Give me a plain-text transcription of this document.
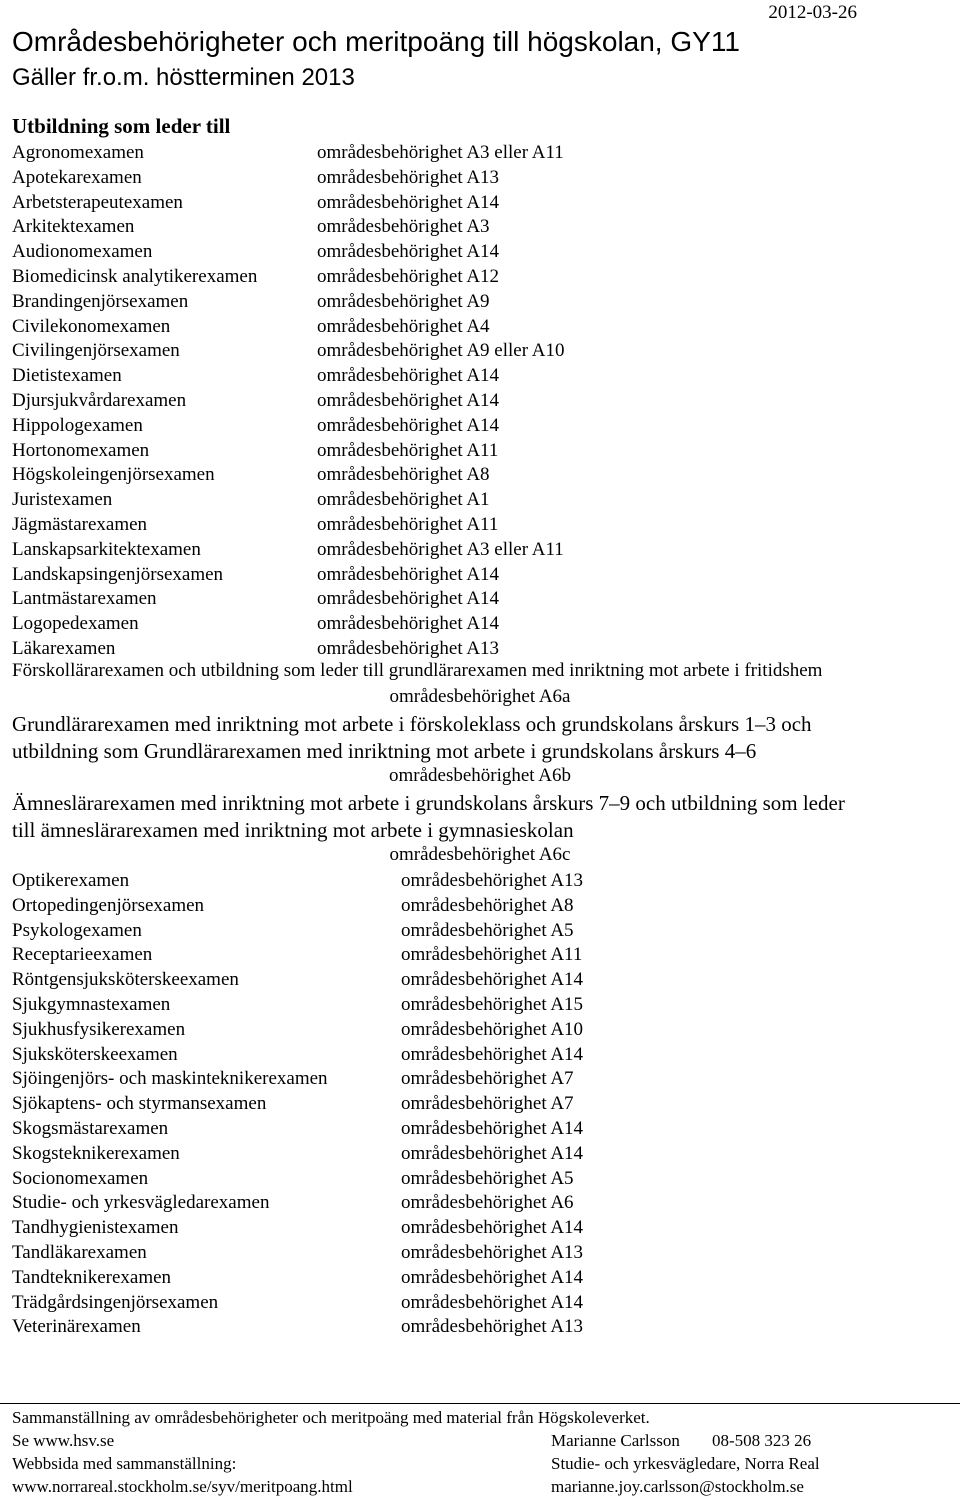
2012-03-26
Områdesbehörigheter och meritpoäng till högskolan, GY11
Gäller fr.o.m. höstterminen 2013
Utbildning som leder till
Agronomexamen	områdesbehörighet A3 eller A11
Apotekarexamen	områdesbehörighet A13
Arbetsterapeutexamen	områdesbehörighet A14
Arkitektexamen	områdesbehörighet A3
Audionomexamen	områdesbehörighet A14
Biomedicinsk analytikerexamen	områdesbehörighet A12
Brandingenjörsexamen	områdesbehörighet A9
Civilekonomexamen	områdesbehörighet A4
Civilingenjörsexamen	områdesbehörighet A9 eller A10
Dietistexamen	områdesbehörighet A14
Djursjukvårdarexamen	områdesbehörighet A14
Hippologexamen	områdesbehörighet A14
Hortonomexamen	områdesbehörighet A11
Högskoleingenjörsexamen	områdesbehörighet A8
Juristexamen	områdesbehörighet A1
Jägmästarexamen	områdesbehörighet A11
Lanskapsarkitektexamen	områdesbehörighet A3 eller A11
Landskapsingenjörsexamen	områdesbehörighet A14
Lantmästarexamen	områdesbehörighet A14
Logopedexamen	områdesbehörighet A14
Läkarexamen	områdesbehörighet A13
Förskollärarexamen och utbildning som leder till grundlärarexamen med inriktning mot arbete i fritidshem
områdesbehörighet A6a
Grundlärarexamen med inriktning mot arbete i förskoleklass och grundskolans årskurs 1–3 och
utbildning som Grundlärarexamen med inriktning mot arbete i grundskolans årskurs 4–6
områdesbehörighet A6b
Ämneslärarexamen med inriktning mot arbete i grundskolans årskurs 7–9 och utbildning som leder
till ämneslärarexamen med inriktning mot arbete i gymnasieskolan
områdesbehörighet A6c
Optikerexamen	områdesbehörighet A13
Ortopedingenjörsexamen	områdesbehörighet A8
Psykologexamen	områdesbehörighet A5
Receptarieexamen	områdesbehörighet A11
Röntgensjuksköterskeexamen	områdesbehörighet A14
Sjukgymnastexamen	områdesbehörighet A15
Sjukhusfysikerexamen	områdesbehörighet A10
Sjuksköterskeexamen	områdesbehörighet A14
Sjöingenjörs- och maskinteknikerexamen	områdesbehörighet A7
Sjökaptens- och styrmansexamen	områdesbehörighet A7
Skogsmästarexamen	områdesbehörighet A14
Skogsteknikerexamen	områdesbehörighet A14
Socionomexamen	områdesbehörighet A5
Studie- och yrkesvägledarexamen	områdesbehörighet A6
Tandhygienistexamen	områdesbehörighet A14
Tandläkarexamen	områdesbehörighet A13
Tandteknikerexamen	områdesbehörighet A14
Trädgårdsingenjörsexamen	områdesbehörighet A14
Veterinärexamen	områdesbehörighet A13
Sammanställning av områdesbehörigheter och meritpoäng med material från Högskoleverket.
Se www.hsv.se
Webbsida med sammanställning:
www.norrareal.stockholm.se/syv/meritpoang.html
Marianne Carlsson 08-508 323 26
Studie- och yrkesvägledare, Norra Real
marianne.joy.carlsson@stockholm.se
